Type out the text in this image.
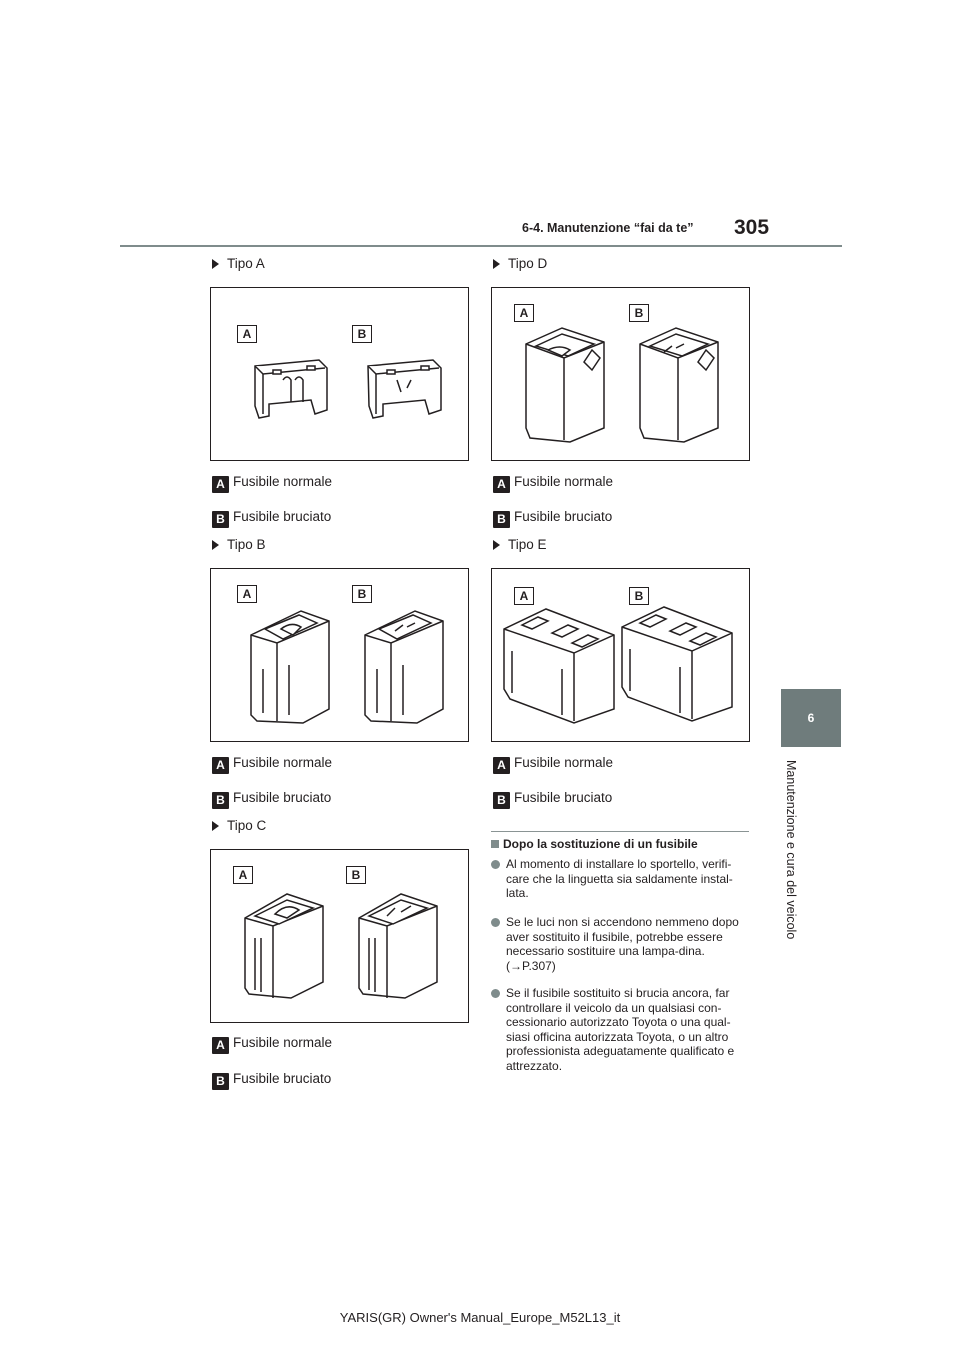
6-4. Manutenzione “fai da te” 305
6
Manutenzione e cura del veicolo
Tipo A
A	B
A Fusibile normale
B Fusibile bruciato
Tipo B
A	B
A Fusibile normale
B Fusibile bruciato
Tipo C
A	B
A Fusibile normale
B Fusibile bruciato
Tipo D
A	B
A Fusibile normale
B Fusibile bruciato
Tipo E
A	B
A Fusibile normale
B Fusibile bruciato
Dopo la sostituzione di un fusibile
Al momento di installare lo sportello, verifi-care che la linguetta sia saldamente instal-lata.
Se le luci non si accendono nemmeno dopo aver sostituito il fusibile, potrebbe essere necessario sostituire una lampa-dina. (→P.307)
Se il fusibile sostituito si brucia ancora, far controllare il veicolo da un qualsiasi con-cessionario autorizzato Toyota o una qual-siasi officina autorizzata Toyota, o un altro professionista adeguatamente qualificato e attrezzato.
YARIS(GR) Owner's Manual_Europe_M52L13_it
